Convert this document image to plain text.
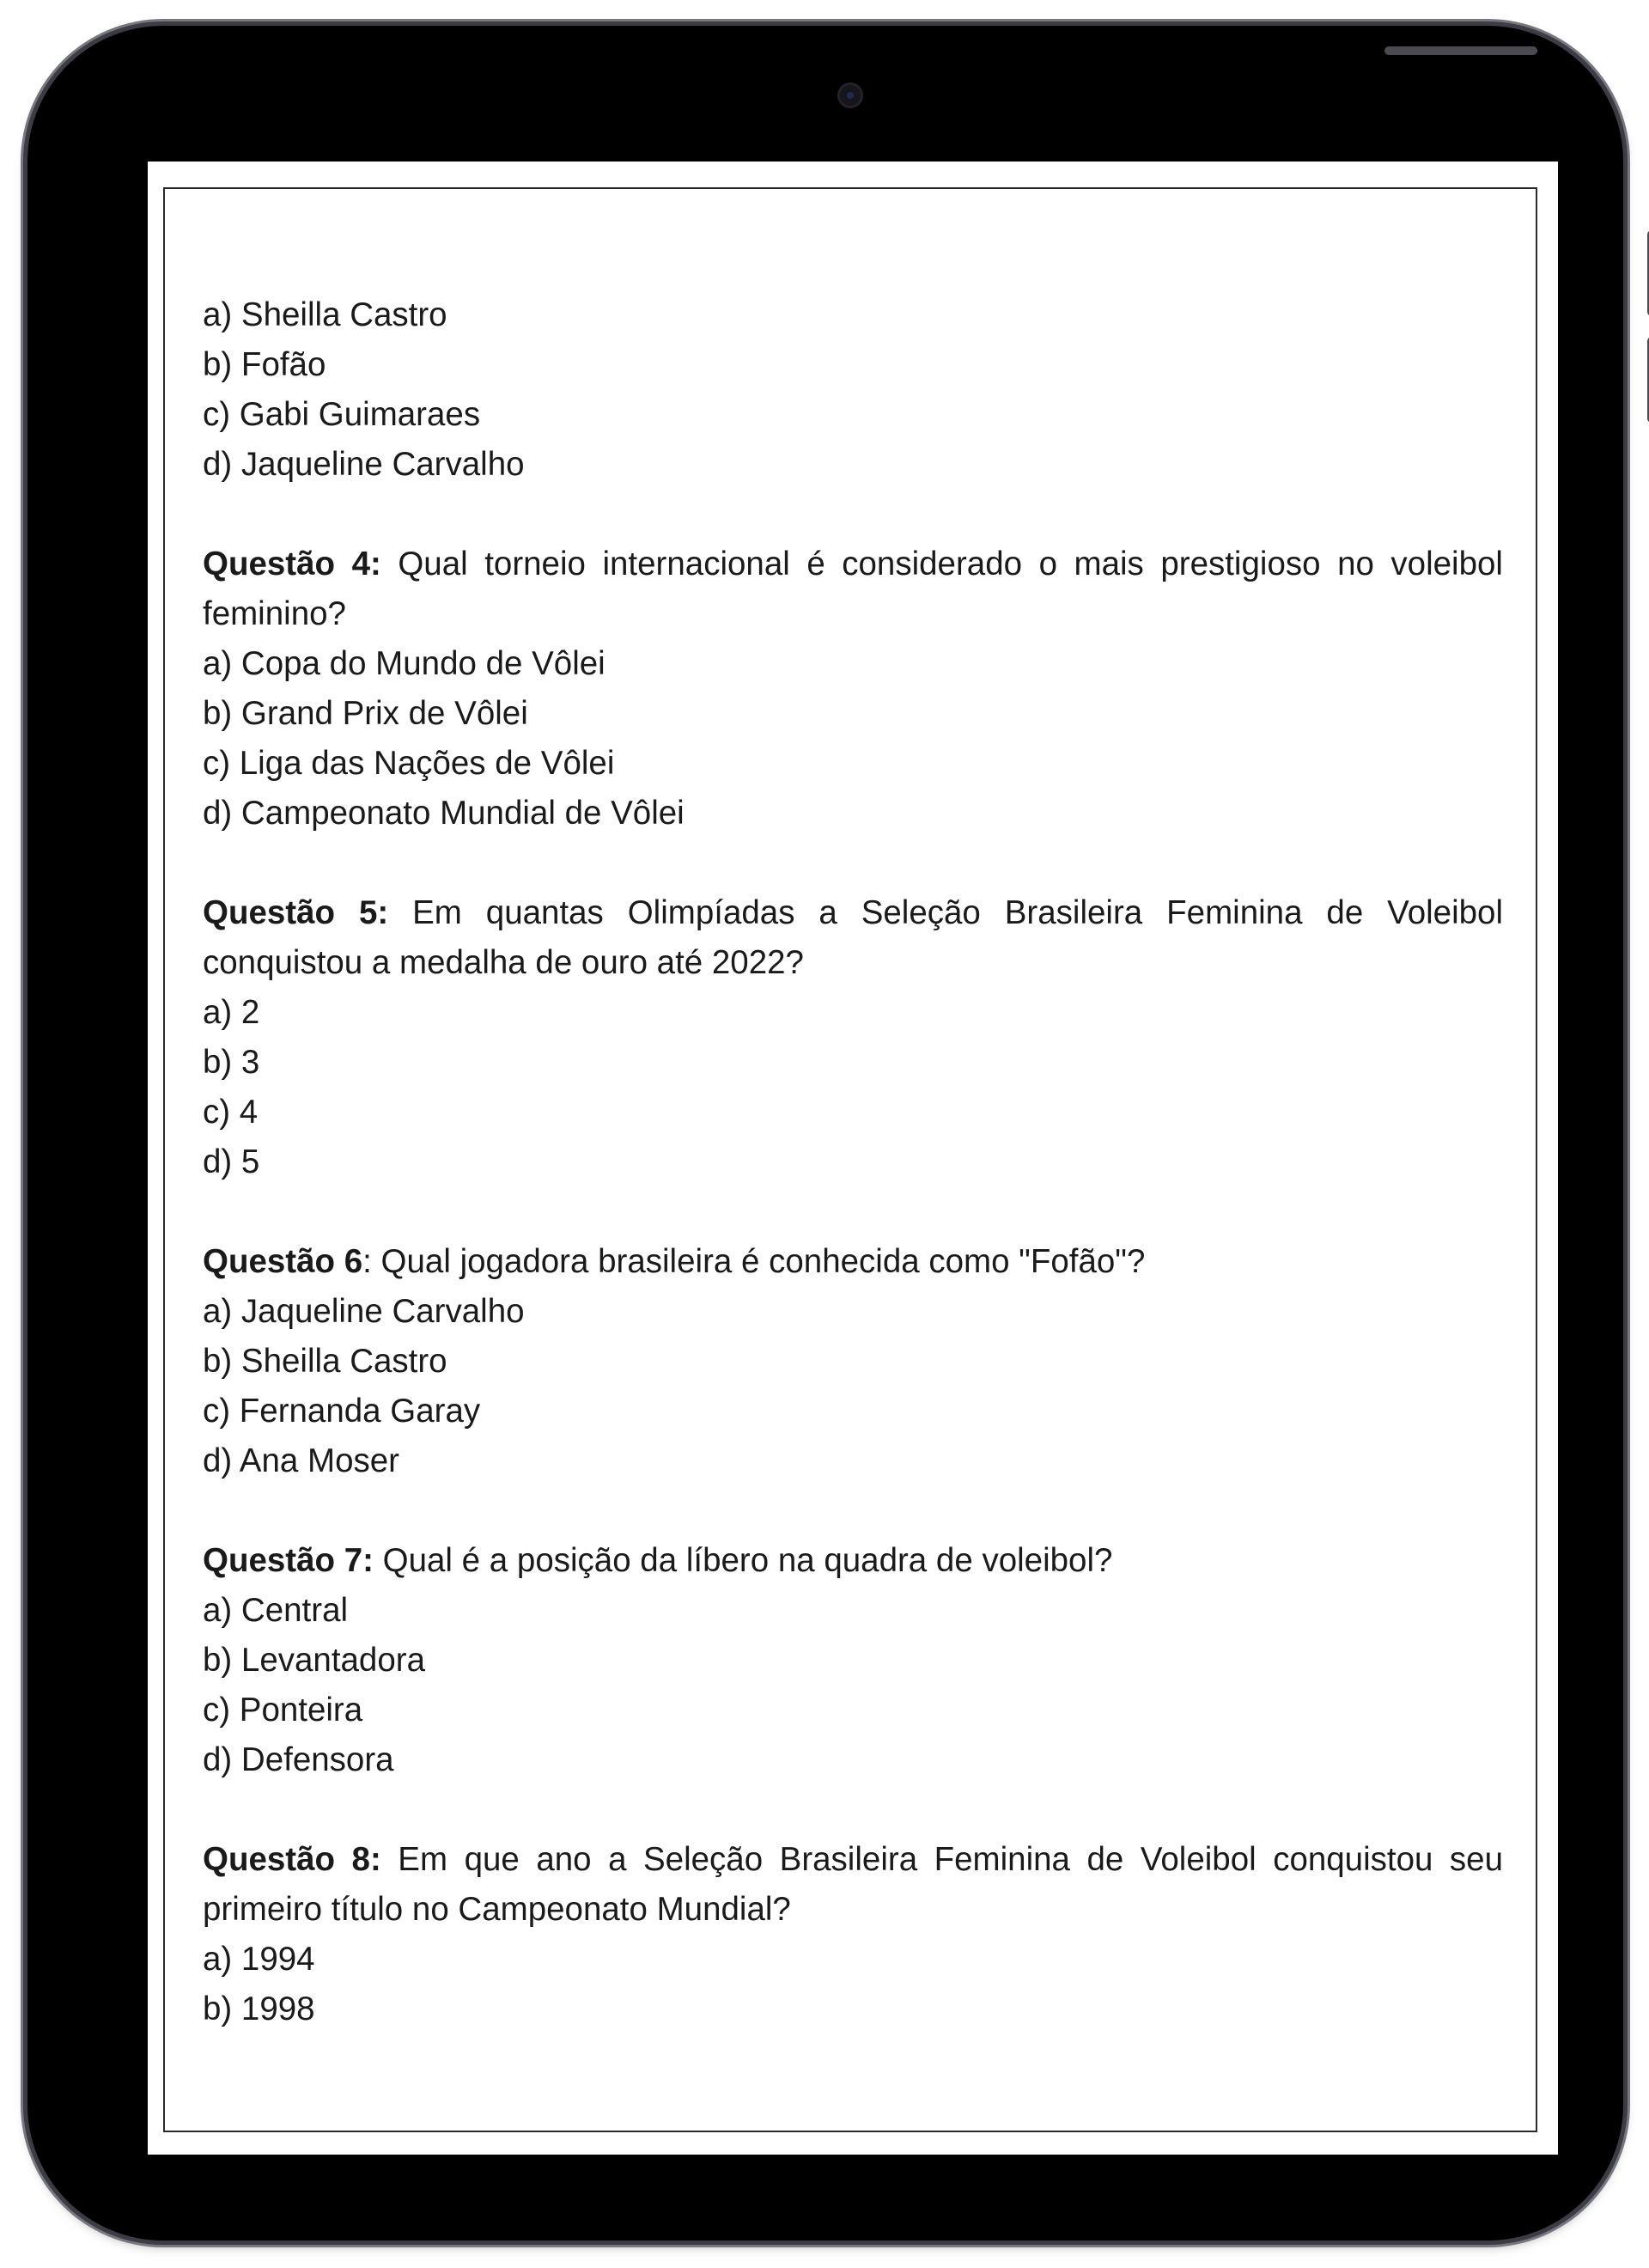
a) Sheilla Castro

b) Fofão

c) Gabi Guimaraes

d) Jaqueline Carvalho

Questão 4: Qual torneio internacional é considerado o mais prestigioso no voleibol feminino?

a) Copa do Mundo de Vôlei

b) Grand Prix de Vôlei

c) Liga das Nações de Vôlei

d) Campeonato Mundial de Vôlei

Questão 5: Em quantas Olimpíadas a Seleção Brasileira Feminina de Voleibol conquistou a medalha de ouro até 2022?

a) 2

b) 3

c) 4

d) 5

Questão 6: Qual jogadora brasileira é conhecida como "Fofão"?

a) Jaqueline Carvalho

b) Sheilla Castro

c) Fernanda Garay

d) Ana Moser

Questão 7: Qual é a posição da líbero na quadra de voleibol?

a) Central

b) Levantadora

c) Ponteira

d) Defensora

Questão 8: Em que ano a Seleção Brasileira Feminina de Voleibol conquistou seu primeiro título no Campeonato Mundial?

a) 1994

b) 1998
